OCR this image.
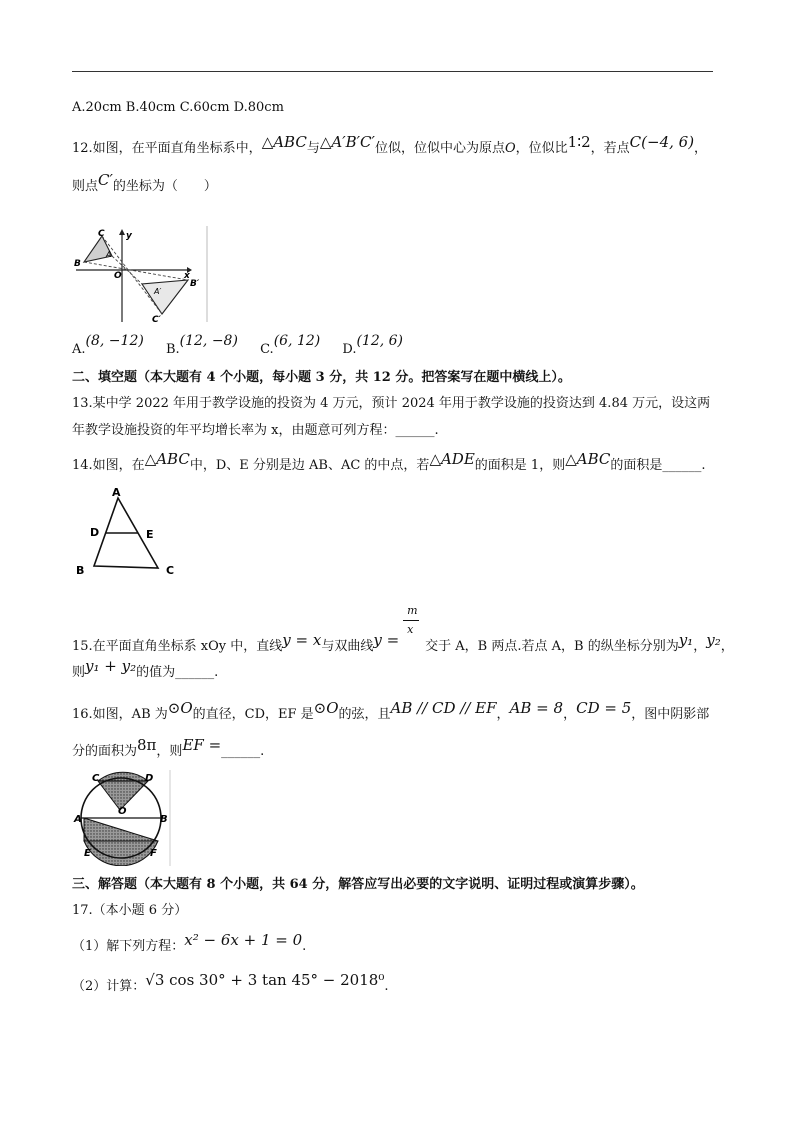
A.20cm B.40cm C.60cm D.80cm
12.如图，在平面直角坐标系中，△ABC与△A′B′C′位似，位似中心为原点O，位似比1∶2，若点C(−4, 6)，
则点C′的坐标为（　　）
C y
A
B
O	x
B′
A′
C′
A.(8, −12) B.(12, −8) C.(6, 12) D.(12, 6)
二、填空题（本大题有 4 个小题，每小题 3 分，共 12 分。把答案写在题中横线上）。
13.某中学 2022 年用于教学设施的投资为 4 万元，预计 2024 年用于教学设施的投资达到 4.84 万元，设这两
年教学设施投资的年平均增长率为 x，由题意可列方程：______.
14.如图，在△ABC中，D、E 分别是边 AB、AC 的中点，若△ADE的面积是 1，则△ABC的面积是______.
A
D	E
B	C
15.在平面直角坐标系 xOy 中，直线y = x与双曲线$y = \frac{m}{x}$
交于 A，B 两点.若点 A，B 的纵坐标分别为y₁，y₂，
则y₁ + y₂的值为______.
16.如图，AB 为⊙O的直径，CD，EF 是⊙O的弦，且AB // CD // EF，AB = 8，CD = 5，图中阴影部
分的面积为8π，则EF =______.
C	D
O
A	B
E	F
三、解答题（本大题有 8 个小题，共 64 分，解答应写出必要的文字说明、证明过程或演算步骤）。
17.（本小题 6 分）
（1）解下列方程：x² − 6x + 1 = 0.
（2）计算：√3 cos 30° + 3 tan 45° − 2018⁰.
